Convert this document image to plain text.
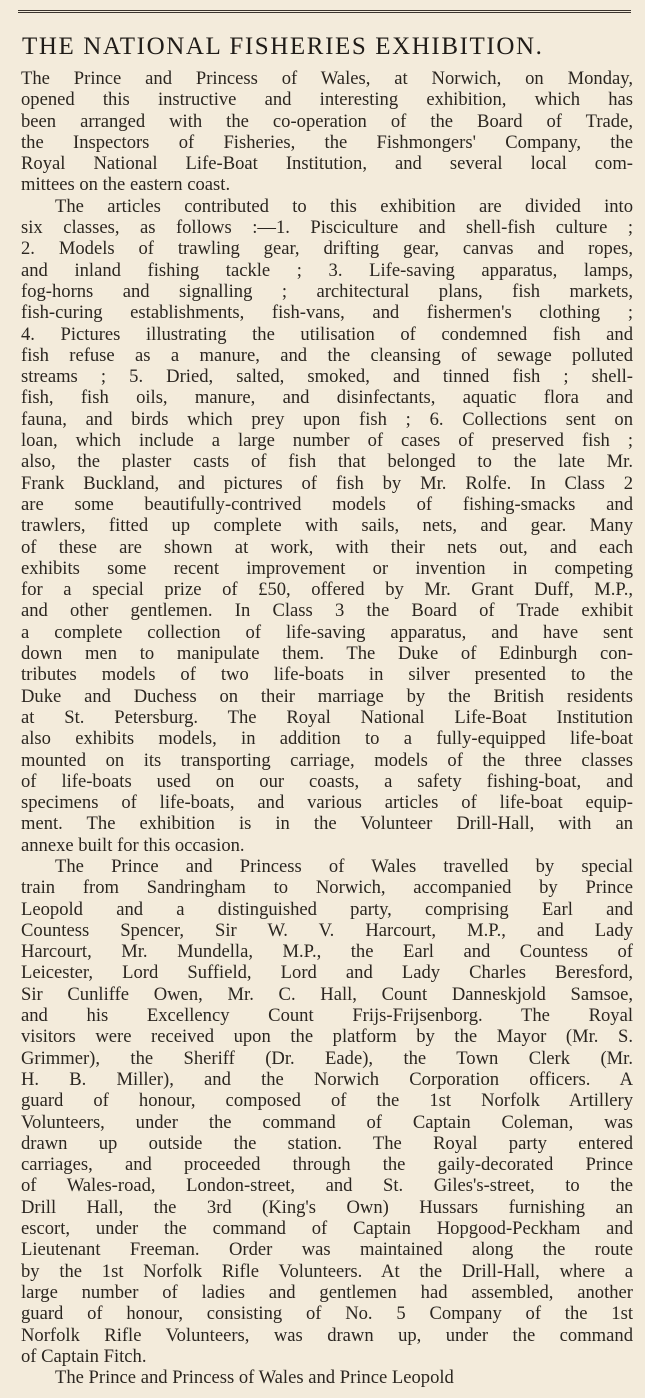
THE NATIONAL FISHERIES EXHIBITION.
The Prince and Princess of Wales, at Norwich, on Monday,
opened this instructive and interesting exhibition, which has
been arranged with the co-operation of the Board of Trade,
the Inspectors of Fisheries, the Fishmongers' Company, the
Royal National Life-Boat Institution, and several local com-
mittees on the eastern coast.
The articles contributed to this exhibition are divided into
six classes, as follows :—1. Pisciculture and shell-fish culture ;
2. Models of trawling gear, drifting gear, canvas and ropes,
and inland fishing tackle ; 3. Life-saving apparatus, lamps,
fog-horns and signalling ; architectural plans, fish markets,
fish-curing establishments, fish-vans, and fishermen's clothing ;
4. Pictures illustrating the utilisation of condemned fish and
fish refuse as a manure, and the cleansing of sewage polluted
streams ; 5. Dried, salted, smoked, and tinned fish ; shell-
fish, fish oils, manure, and disinfectants, aquatic flora and
fauna, and birds which prey upon fish ; 6. Collections sent on
loan, which include a large number of cases of preserved fish ;
also, the plaster casts of fish that belonged to the late Mr.
Frank Buckland, and pictures of fish by Mr. Rolfe. In Class 2
are some beautifully-contrived models of fishing-smacks and
trawlers, fitted up complete with sails, nets, and gear. Many
of these are shown at work, with their nets out, and each
exhibits some recent improvement or invention in competing
for a special prize of £50, offered by Mr. Grant Duff, M.P.,
and other gentlemen. In Class 3 the Board of Trade exhibit
a complete collection of life-saving apparatus, and have sent
down men to manipulate them. The Duke of Edinburgh con-
tributes models of two life-boats in silver presented to the
Duke and Duchess on their marriage by the British residents
at St. Petersburg. The Royal National Life-Boat Institution
also exhibits models, in addition to a fully-equipped life-boat
mounted on its transporting carriage, models of the three classes
of life-boats used on our coasts, a safety fishing-boat, and
specimens of life-boats, and various articles of life-boat equip-
ment. The exhibition is in the Volunteer Drill-Hall, with an
annexe built for this occasion.
The Prince and Princess of Wales travelled by special
train from Sandringham to Norwich, accompanied by Prince
Leopold and a distinguished party, comprising Earl and
Countess Spencer, Sir W. V. Harcourt, M.P., and Lady
Harcourt, Mr. Mundella, M.P., the Earl and Countess of
Leicester, Lord Suffield, Lord and Lady Charles Beresford,
Sir Cunliffe Owen, Mr. C. Hall, Count Danneskjold Samsoe,
and his Excellency Count Frijs-Frijsenborg. The Royal
visitors were received upon the platform by the Mayor (Mr. S.
Grimmer), the Sheriff (Dr. Eade), the Town Clerk (Mr.
H. B. Miller), and the Norwich Corporation officers. A
guard of honour, composed of the 1st Norfolk Artillery
Volunteers, under the command of Captain Coleman, was
drawn up outside the station. The Royal party entered
carriages, and proceeded through the gaily-decorated Prince
of Wales-road, London-street, and St. Giles's-street, to the
Drill Hall, the 3rd (King's Own) Hussars furnishing an
escort, under the command of Captain Hopgood-Peckham and
Lieutenant Freeman. Order was maintained along the route
by the 1st Norfolk Rifle Volunteers. At the Drill-Hall, where a
large number of ladies and gentlemen had assembled, another
guard of honour, consisting of No. 5 Company of the 1st
Norfolk Rifle Volunteers, was drawn up, under the command
of Captain Fitch.
The Prince and Princess of Wales and Prince Leopold
